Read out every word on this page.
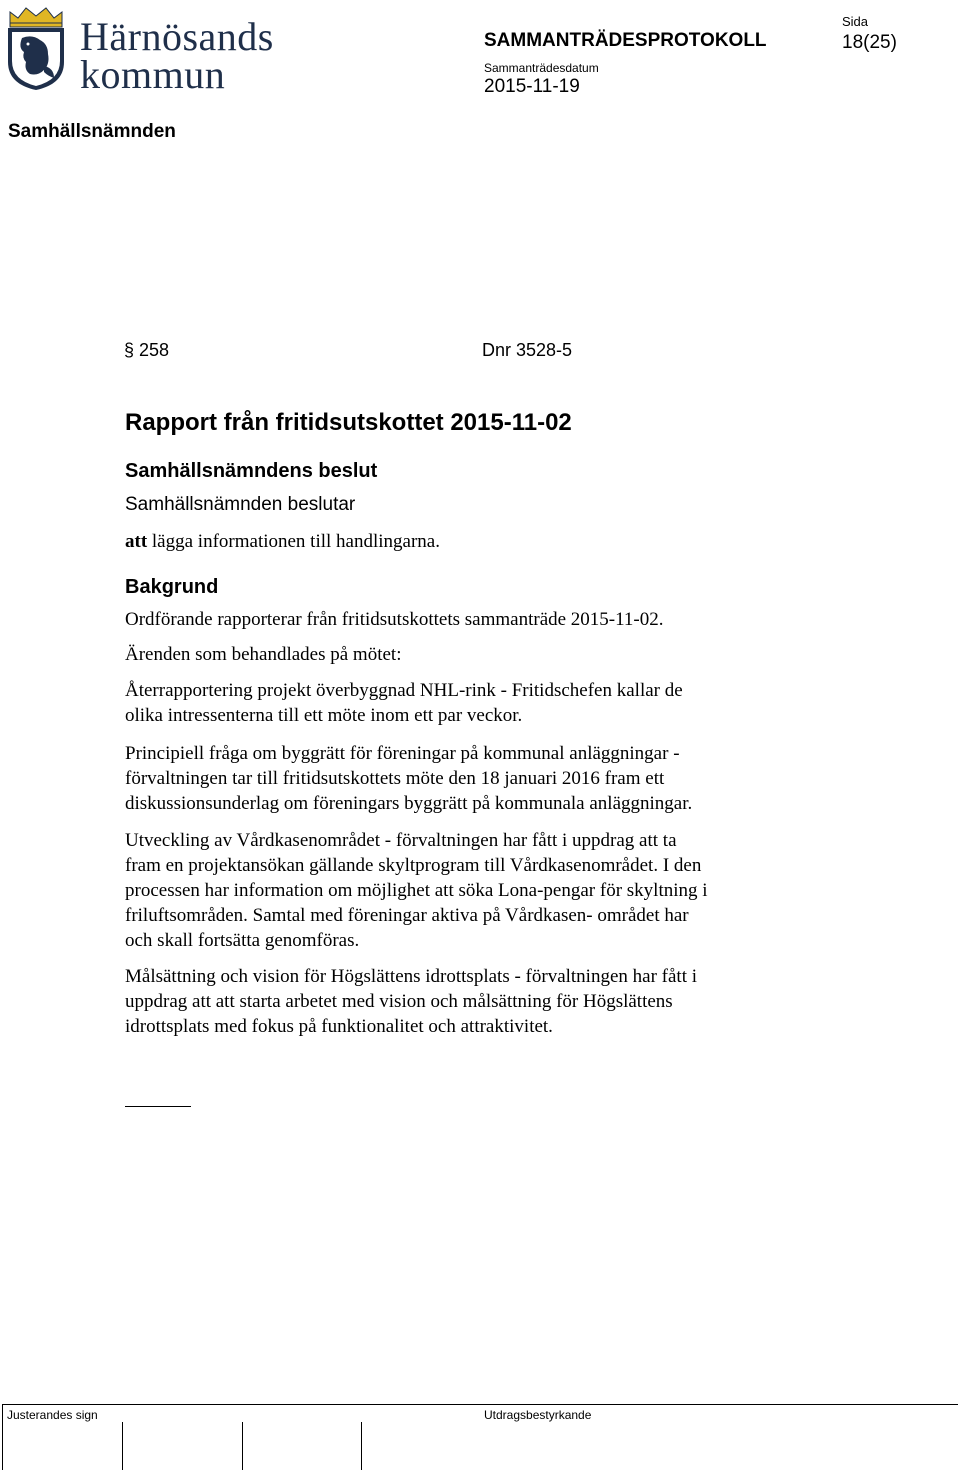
Härnösands
kommun
SAMMANTRÄDESPROTOKOLL
Sammanträdesdatum
2015-11-19
Sida
18(25)
Samhällsnämnden
§ 258	Dnr 3528-5
Rapport från fritidsutskottet 2015-11-02
Samhällsnämndens beslut
Samhällsnämnden beslutar
att lägga informationen till handlingarna.
Bakgrund
Ordförande rapporterar från fritidsutskottets sammanträde 2015-11-02.
Ärenden som behandlades på mötet:
Återrapportering projekt överbyggnad NHL-rink - Fritidschefen kallar de
olika intressenterna till ett möte inom ett par veckor.
Principiell fråga om byggrätt för föreningar på kommunal anläggningar -
förvaltningen tar till fritidsutskottets möte den 18 januari 2016 fram ett
diskussionsunderlag om föreningars byggrätt på kommunala anläggningar.
Utveckling av Vårdkasenområdet - förvaltningen har fått i uppdrag att ta
fram en projektansökan gällande skyltprogram till Vårdkasenområdet. I den
processen har information om möjlighet att söka Lona-pengar för skyltning i
friluftsområden. Samtal med föreningar aktiva på Vårdkasen- området har
och skall fortsätta genomföras.
Målsättning och vision för Högslättens idrottsplats - förvaltningen har fått i
uppdrag att att starta arbetet med vision och målsättning för Högslättens
idrottsplats med fokus på funktionalitet och attraktivitet.
Justerandes sign	Utdragsbestyrkande
